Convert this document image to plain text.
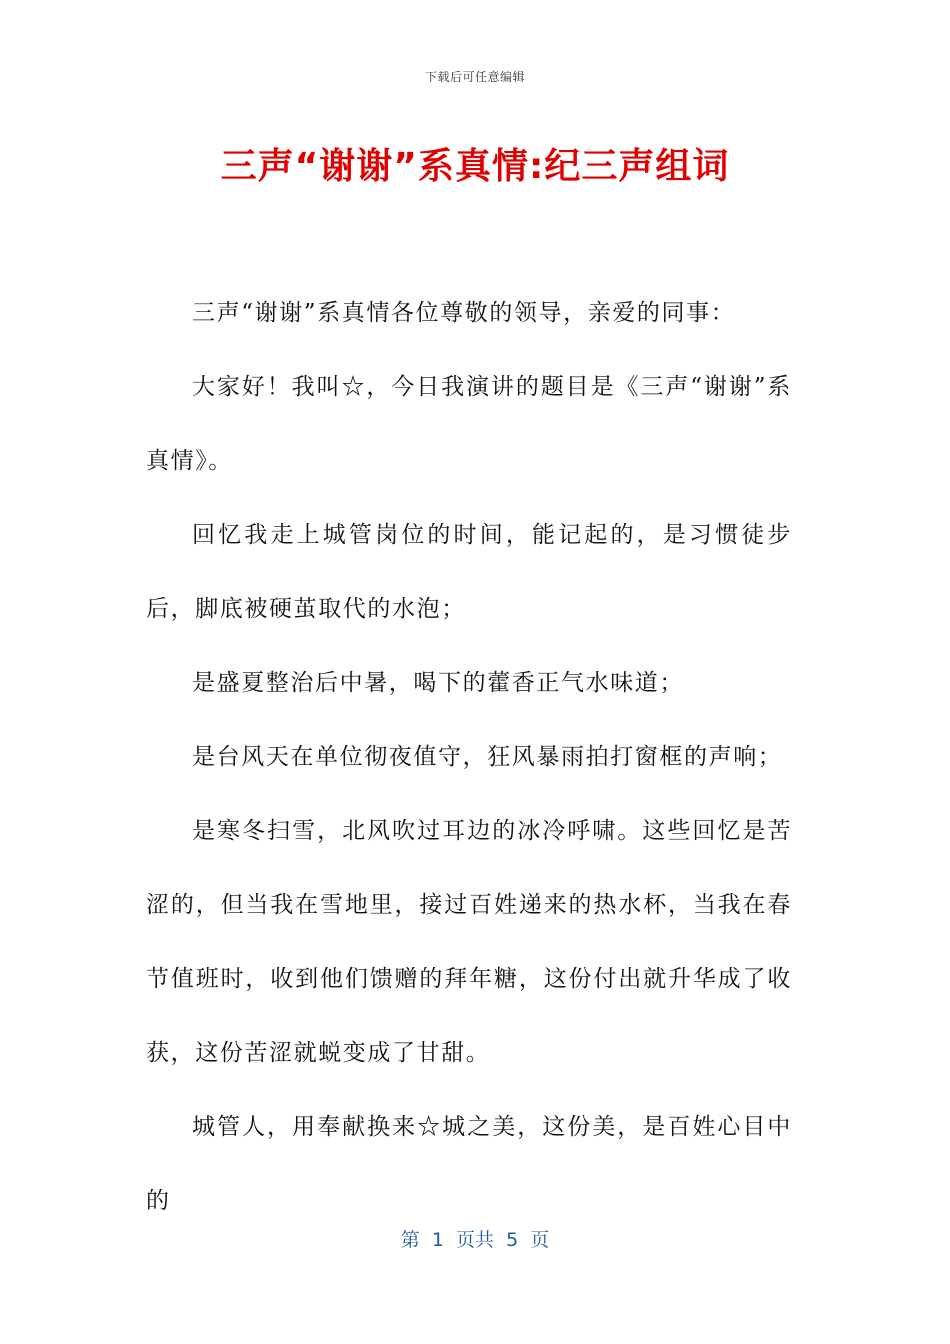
下载后可任意编辑
三声“谢谢”系真情:纪三声组词

三声“谢谢”系真情各位尊敬的领导，亲爱的同事：

大家好！我叫☆，今日我演讲的题目是《三声“谢谢”系真情》。

回忆我走上城管岗位的时间，能记起的，是习惯徒步后，脚底被硬茧取代的水泡；

是盛夏整治后中暑，喝下的藿香正气水味道；

是台风天在单位彻夜值守，狂风暴雨拍打窗框的声响；

是寒冬扫雪，北风吹过耳边的冰冷呼啸。这些回忆是苦涩的，但当我在雪地里，接过百姓递来的热水杯，当我在春节值班时，收到他们馈赠的拜年糖，这份付出就升华成了收获，这份苦涩就蜕变成了甘甜。

城管人，用奉献换来☆城之美，这份美，是百姓心目中的

第  1  页共  5  页
